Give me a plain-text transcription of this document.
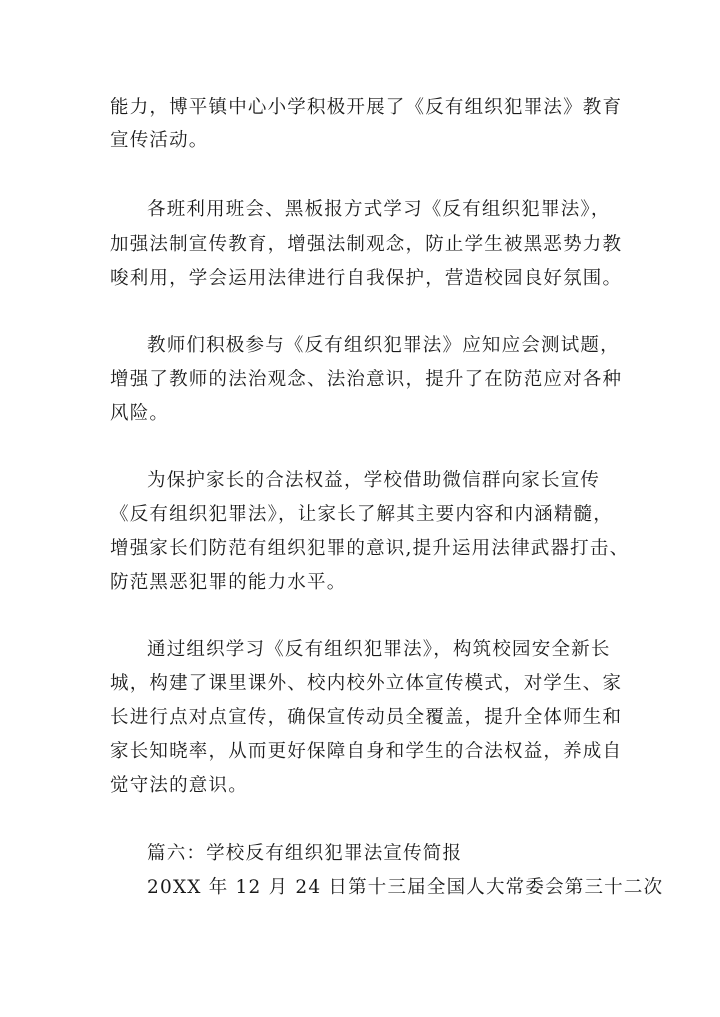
能力，博平镇中心小学积极开展了《反有组织犯罪法》教育
宣传活动。
各班利用班会、黑板报方式学习《反有组织犯罪法》，
加强法制宣传教育，增强法制观念，防止学生被黑恶势力教
唆利用，学会运用法律进行自我保护，营造校园良好氛围。
教师们积极参与《反有组织犯罪法》应知应会测试题，
增强了教师的法治观念、法治意识，提升了在防范应对各种
风险。
为保护家长的合法权益，学校借助微信群向家长宣传
《反有组织犯罪法》，让家长了解其主要内容和内涵精髓，
增强家长们防范有组织犯罪的意识,提升运用法律武器打击、
防范黑恶犯罪的能力水平。
通过组织学习《反有组织犯罪法》，构筑校园安全新长
城，构建了课里课外、校内校外立体宣传模式，对学生、家
长进行点对点宣传，确保宣传动员全覆盖，提升全体师生和
家长知晓率，从而更好保障自身和学生的合法权益，养成自
觉守法的意识。
篇六：学校反有组织犯罪法宣传简报
20XX 年 12 月 24 日第十三届全国人大常委会第三十二次
